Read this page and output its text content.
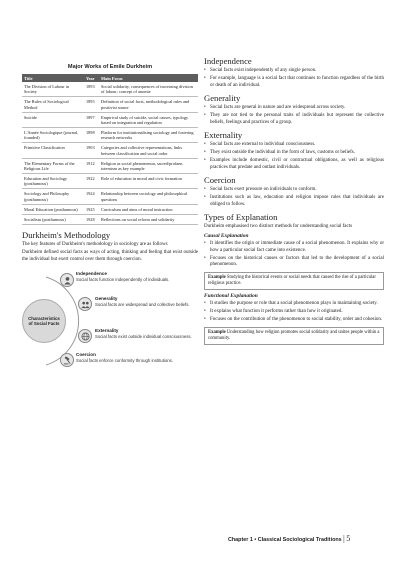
Major Works of Emile Durkheim
Title	Year	Main Focus
The Division of Labour in Society	1893	Social solidarity, consequences of increasing division of labour; concept of anomie
The Rules of Sociological Method	1895	Definition of social facts, methodological rules and positivist stance
Suicide	1897	Empirical study of suicide, social causes, typology based on integration and regulation
L'Année Sociologique (journal, founded)	1898	Platform for institutionalising sociology and fostering research networks
Primitive Classification	1903	Categories and collective representations, links between classification and social order
The Elementary Forms of the Religious Life	1912	Religion as social phenomenon, sacred/profane, totemism as key example
Education and Sociology (posthumous)	1922	Role of education in moral and civic formation
Sociology and Philosophy (posthumous)	1924	Relationship between sociology and philosophical questions
Moral Education (posthumous)	1925	Curriculum and aims of moral instruction
Socialism (posthumous)	1928	Reflections on social reform and solidarity
Durkheim's Methodology

The key features of Durkheim's methodology in sociology are as follows

Durkheim defined social facts as ways of acting, thinking and feeling that exist outside the individual but exert control over them through coercion.

Characteristics of Social Facts
Independence
Social facts function independently of individuals.
Generality
Social facts are widespread and collective beliefs.
Externality
Social facts exist outside individual consciousness.
Coercion
Social facts enforce conformity through institutions.
Independence
• Social facts exist independently of any single person.
• For example, language is a social fact that continues to function regardless of the birth or death of an individual.
Generality
• Social facts are general in nature and are widespread across society.
• They are not tied to the personal traits of individuals but represent the collective beliefs, feelings and practices of a group.
Externality
• Social facts are external to individual consciousness.
• They exist outside the individual in the form of laws, customs or beliefs.
• Examples include domestic, civil or contractual obligations, as well as religious practices that predate and outlast individuals.
Coercion
• Social facts exert pressure on individuals to conform.
• Institutions such as law, education and religion impose rules that individuals are obliged to follow.
Types of Explanation

Durkheim emphasised two distinct methods for understanding social facts

Causal Explanation
• It identifies the origin or immediate cause of a social phenomenon. It explains why or how a particular social fact came into existence.
• Focuses on the historical causes or factors that led to the development of a social phenomenon.
Example Studying the historical events or social needs that caused the rise of a particular religious practice.
Functional Explanation
• It studies the purpose or role that a social phenomenon plays in maintaining society.
• It explains what function it performs rather than how it originated.
• Focuses on the contribution of the phenomenon to social stability, order and cohesion.
Example Understanding how religion promotes social solidarity and unites people within a community.
Chapter 1 • Classical Sociological Traditions | 5
